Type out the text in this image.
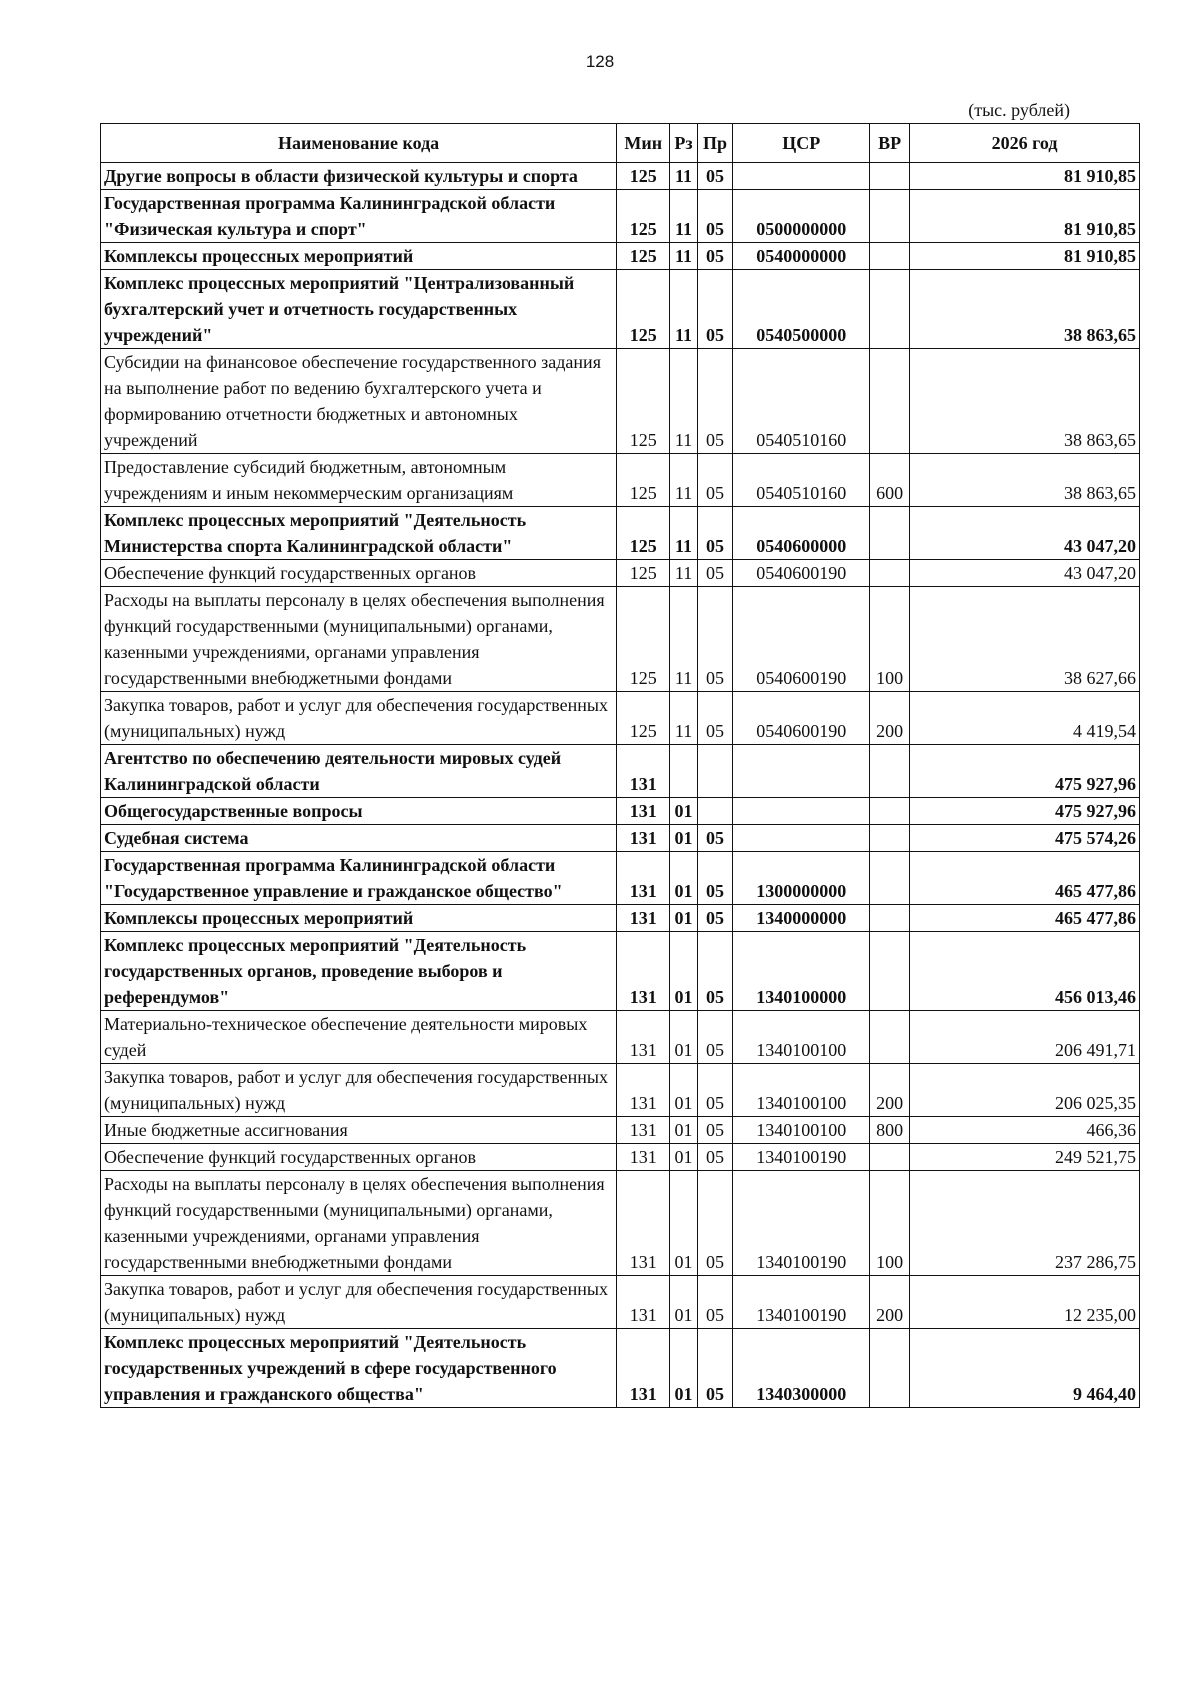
128
(тыс. рублей)
Наименование кода	Мин	Рз	Пр	ЦСР	ВР	2026 год
Другие вопросы в области физической культуры и спорта	125	11	05			81 910,85
Государственная программа Калининградской области "Физическая культура и спорт"	125	11	05	0500000000		81 910,85
Комплексы процессных мероприятий	125	11	05	0540000000		81 910,85
Комплекс процессных мероприятий "Централизованный бухгалтерский учет и отчетность государственных учреждений"	125	11	05	0540500000		38 863,65
Субсидии на финансовое обеспечение государственного задания на выполнение работ по ведению бухгалтерского учета и формированию отчетности бюджетных и автономных учреждений	125	11	05	0540510160		38 863,65
Предоставление субсидий бюджетным, автономным учреждениям и иным некоммерческим организациям	125	11	05	0540510160	600	38 863,65
Комплекс процессных мероприятий "Деятельность Министерства спорта Калининградской области"	125	11	05	0540600000		43 047,20
Обеспечение функций государственных органов	125	11	05	0540600190		43 047,20
Расходы на выплаты персоналу в целях обеспечения выполнения функций государственными (муниципальными) органами, казенными учреждениями, органами управления государственными внебюджетными фондами	125	11	05	0540600190	100	38 627,66
Закупка товаров, работ и услуг для обеспечения государственных (муниципальных) нужд	125	11	05	0540600190	200	4 419,54
Агентство по обеспечению деятельности мировых судей Калининградской области	131					475 927,96
Общегосударственные вопросы	131	01				475 927,96
Судебная система	131	01	05			475 574,26
Государственная программа Калининградской области "Государственное управление и гражданское общество"	131	01	05	1300000000		465 477,86
Комплексы процессных мероприятий	131	01	05	1340000000		465 477,86
Комплекс процессных мероприятий "Деятельность государственных органов, проведение выборов и референдумов"	131	01	05	1340100000		456 013,46
Материально-техническое обеспечение деятельности мировых судей	131	01	05	1340100100		206 491,71
Закупка товаров, работ и услуг для обеспечения государственных (муниципальных) нужд	131	01	05	1340100100	200	206 025,35
Иные бюджетные ассигнования	131	01	05	1340100100	800	466,36
Обеспечение функций государственных органов	131	01	05	1340100190		249 521,75
Расходы на выплаты персоналу в целях обеспечения выполнения функций государственными (муниципальными) органами, казенными учреждениями, органами управления государственными внебюджетными фондами	131	01	05	1340100190	100	237 286,75
Закупка товаров, работ и услуг для обеспечения государственных (муниципальных) нужд	131	01	05	1340100190	200	12 235,00
Комплекс процессных мероприятий "Деятельность государственных учреждений в сфере государственного управления и гражданского общества"	131	01	05	1340300000		9 464,40
